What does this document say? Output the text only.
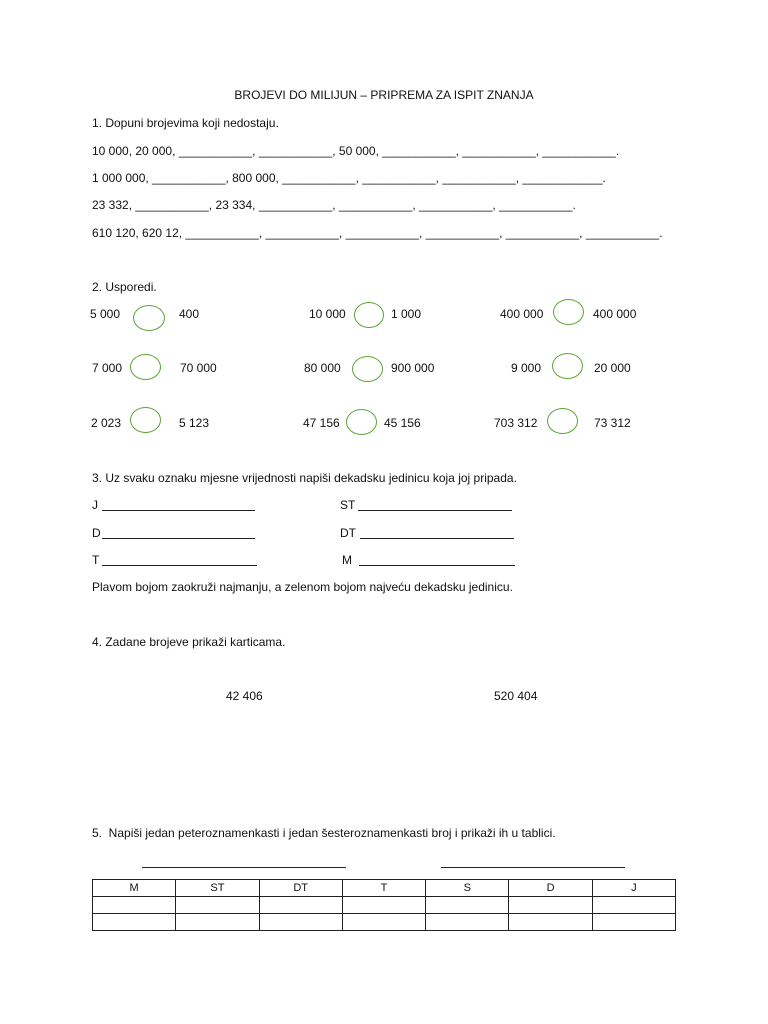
BROJEVI DO MILIJUN – PRIPREMA ZA ISPIT ZNANJA
1. Dopuni brojevima koji nedostaju.
10 000, 20 000, ___________, ___________, 50 000, ___________, ___________, ___________.
1 000 000, ___________, 800 000, ___________, ___________, ___________, ____________.
23 332, ___________, 23 334, ___________, ___________, ___________, ___________.
610 120, 620 12, ___________, ___________, ___________, ___________, ___________, ___________.
2. Usporedi.
5 000	400	10 000	1 000	400 000	400 000
7 000	70 000	80 000	900 000	9 000	20 000
2 023	5 123	47 156	45 156	703 312	73 312
3. Uz svaku oznaku mjesne vrijednosti napiši dekadsku jedinicu koja joj pripada.
J	ST
D	DT
T	M
Plavom bojom zaokruži najmanju, a zelenom bojom najveću dekadsku jedinicu.
4. Zadane brojeve prikaži karticama.
42 406	520 404
5.  Napiši jedan peteroznamenkasti i jedan šesteroznamenkasti broj i prikaži ih u tablici.
M	ST	DT	T	S	D	J
